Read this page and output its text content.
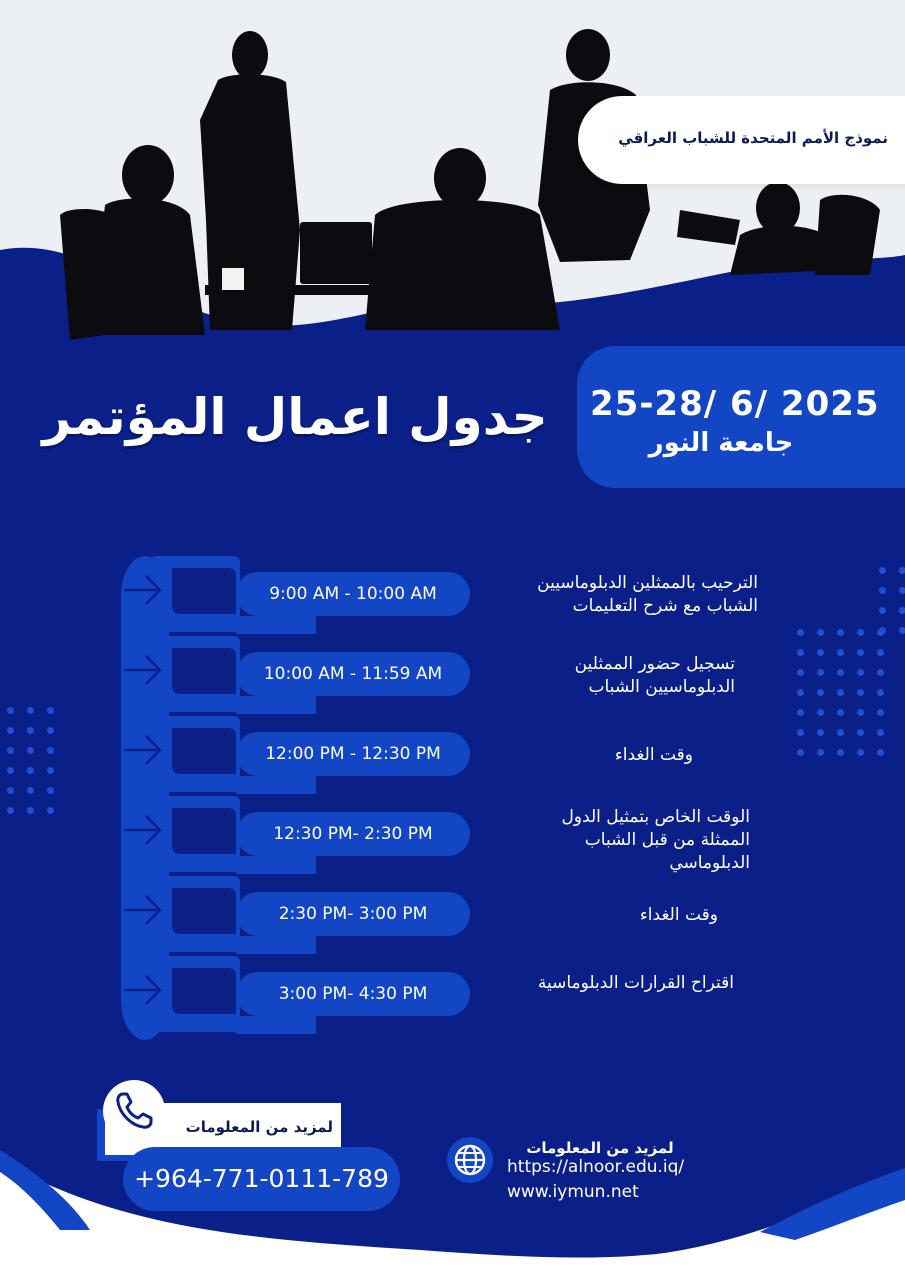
نموذج الأمم المتحدة للشباب العراقي
25-28/ 6/ 2025
جامعة النور
جدول اعمال المؤتمر
9:00 AM - 10:00 AM
10:00 AM - 11:59 AM
12:00 PM - 12:30 PM
12:30 PM- 2:30 PM
2:30 PM- 3:00 PM
3:00 PM- 4:30 PM
الترحيب بالممثلين الدبلوماسيين
الشباب مع شرح التعليمات
تسجيل حضور الممثلين
الدبلوماسيين الشباب
وقت الغداء
الوقت الخاص بتمثيل الدول
الممثلة من قبل الشباب
الدبلوماسي
وقت الغداء
اقتراح القرارات الدبلوماسية
لمزيد من المعلومات
+964-771-0111-789
لمزيد من المعلومات
https://alnoor.edu.iq/
www.iymun.net
